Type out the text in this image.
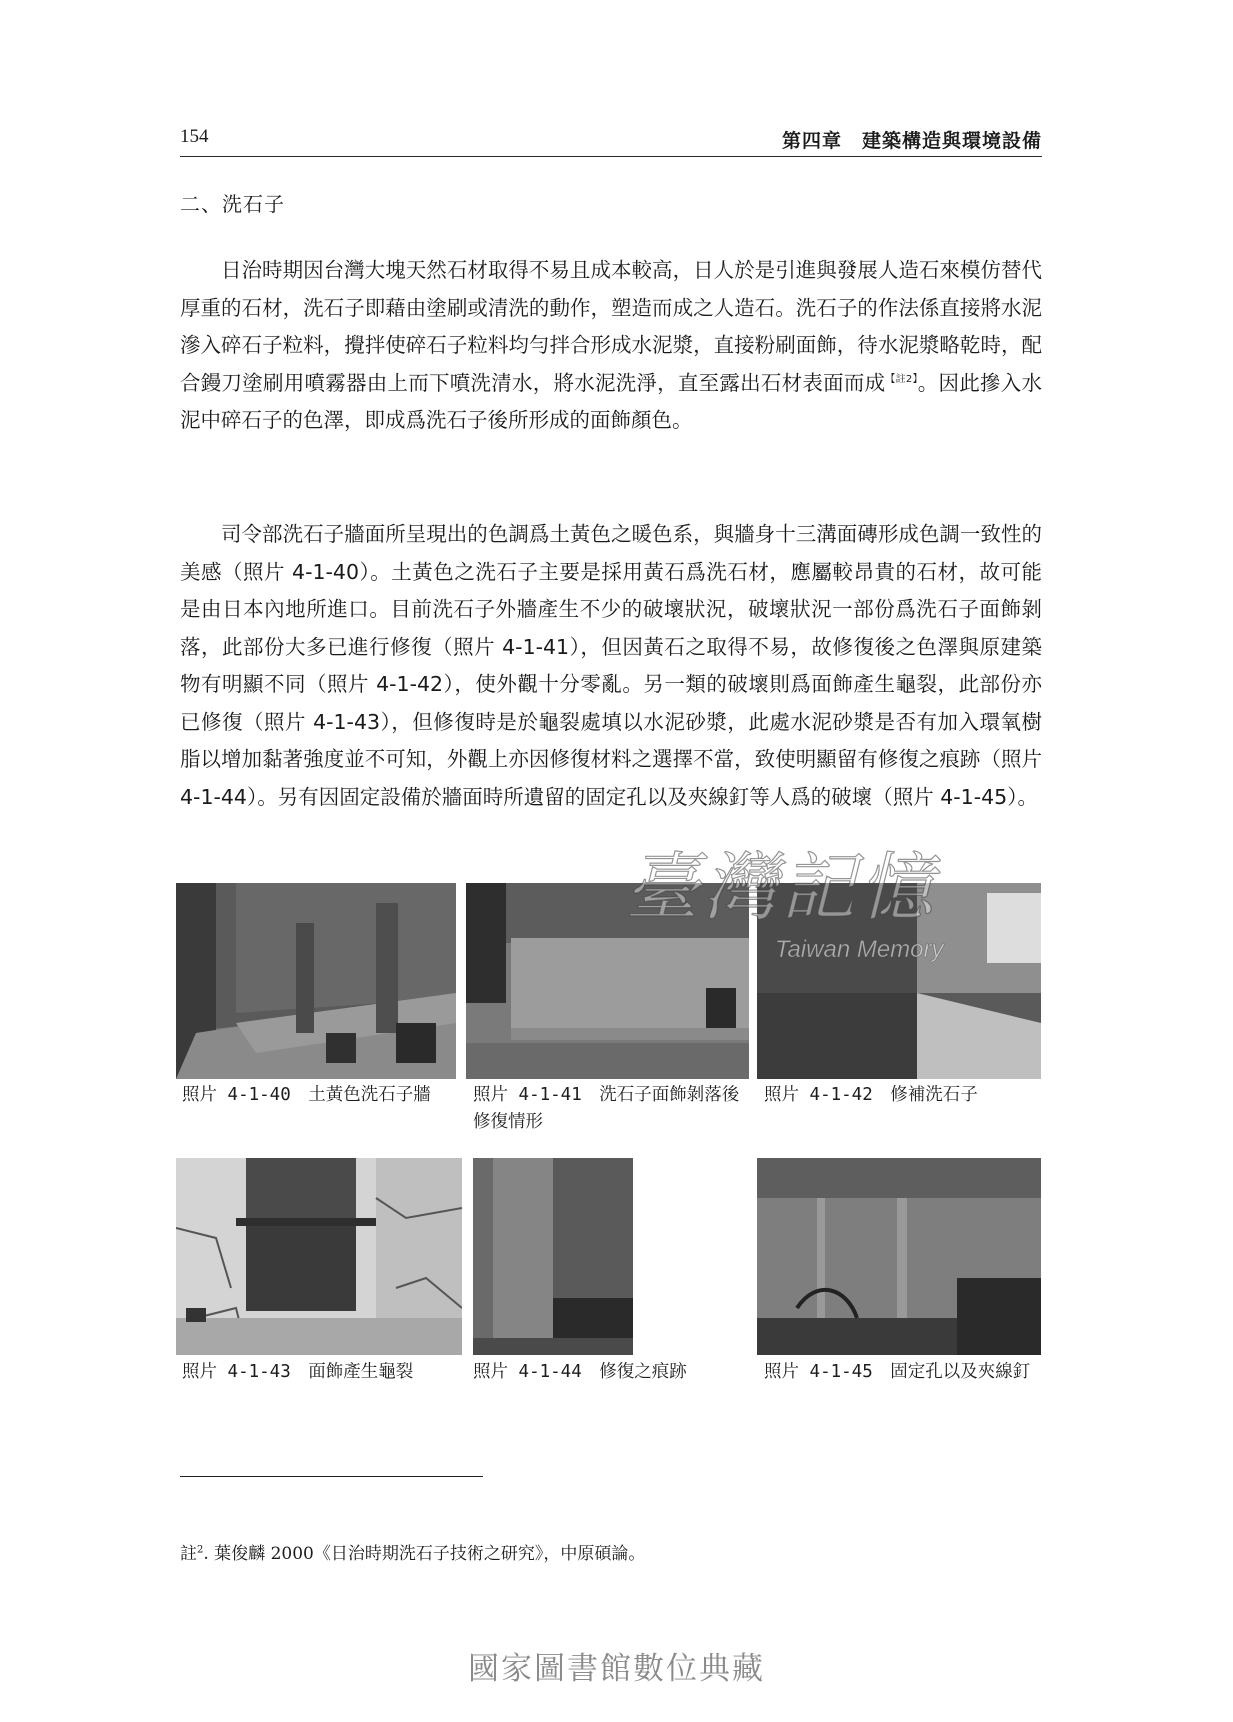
154	第四章　建築構造與環境設備
二、洗石子

日治時期因台灣大塊天然石材取得不易且成本較高，日人於是引進與發展人造石來模仿替代厚重的石材，洗石子即藉由塗刷或清洗的動作，塑造而成之人造石。洗石子的作法係直接將水泥滲入碎石子粒料，攪拌使碎石子粒料均勻拌合形成水泥漿，直接粉刷面飾，待水泥漿略乾時，配合鏝刀塗刷用噴霧器由上而下噴洗清水，將水泥洗淨，直至露出石材表面而成$^{【註2】}$。因此摻入水泥中碎石子的色澤，即成爲洗石子後所形成的面飾顏色。

司令部洗石子牆面所呈現出的色調爲土黃色之暖色系，與牆身十三溝面磚形成色調一致性的美感（照片 4-1-40）。土黃色之洗石子主要是採用黃石爲洗石材，應屬較昂貴的石材，故可能是由日本內地所進口。目前洗石子外牆產生不少的破壞狀況，破壞狀況一部份爲洗石子面飾剝落，此部份大多已進行修復（照片 4-1-41），但因黃石之取得不易，故修復後之色澤與原建築物有明顯不同（照片 4-1-42），使外觀十分零亂。另一類的破壞則爲面飾產生龜裂，此部份亦已修復（照片 4-1-43），但修復時是於龜裂處填以水泥砂漿，此處水泥砂漿是否有加入環氧樹脂以增加黏著強度並不可知，外觀上亦因修復材料之選擇不當，致使明顯留有修復之痕跡（照片 4-1-44）。另有因固定設備於牆面時所遺留的固定孔以及夾線釘等人爲的破壞（照片 4-1-45）。

臺灣記憶
Taiwan Memory

照片 4-1-40　土黃色洗石子牆	照片 4-1-41　洗石子面飾剝落後修復情形

照片 4-1-42　修補洗石子

照片 4-1-43　面飾產生龜裂	照片 4-1-44　修復之痕跡	照片 4-1-45　固定孔以及夾線釘

註$^2$. 葉俊麟 2000《日治時期洗石子技術之研究》，中原碩論。

國家圖書館數位典藏
